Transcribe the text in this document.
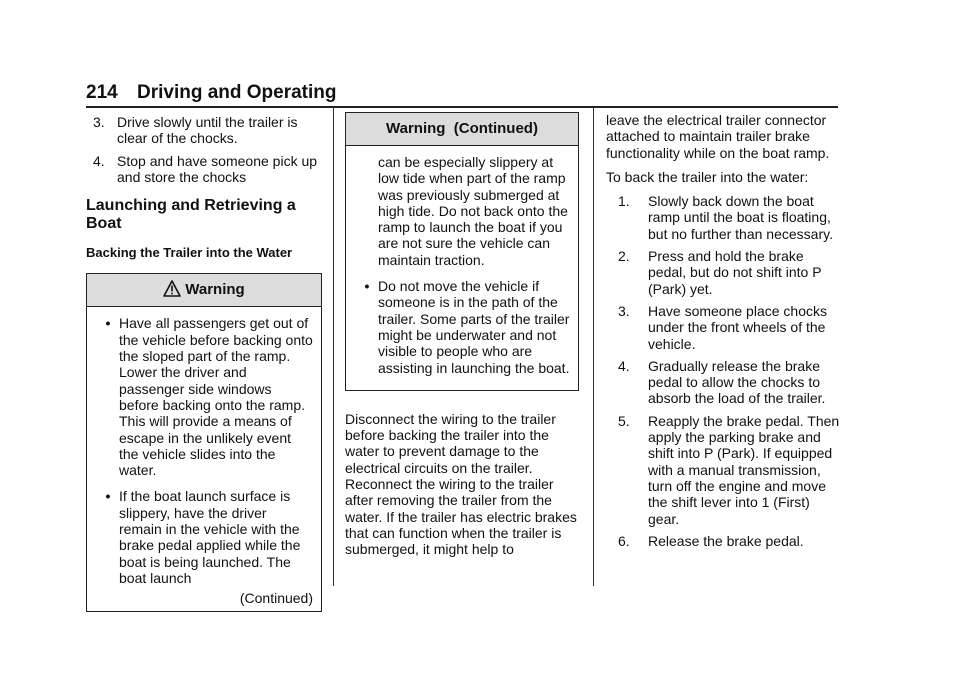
214 Driving and Operating
3. Drive slowly until the trailer is clear of the chocks.
4. Stop and have someone pick up and store the chocks
Launching and Retrieving a Boat
Backing the Trailer into the Water
Warning
• Have all passengers get out of the vehicle before backing onto the sloped part of the ramp. Lower the driver and passenger side windows before backing onto the ramp. This will provide a means of escape in the unlikely event the vehicle slides into the water.
• If the boat launch surface is slippery, have the driver remain in the vehicle with the brake pedal applied while the boat is being launched. The boat launch
(Continued)
Warning  (Continued)
can be especially slippery at low tide when part of the ramp was previously submerged at high tide. Do not back onto the ramp to launch the boat if you are not sure the vehicle can maintain traction.
• Do not move the vehicle if someone is in the path of the trailer. Some parts of the trailer might be underwater and not visible to people who are assisting in launching the boat.

Disconnect the wiring to the trailer before backing the trailer into the water to prevent damage to the electrical circuits on the trailer. Reconnect the wiring to the trailer after removing the trailer from the water. If the trailer has electric brakes that can function when the trailer is submerged, it might help to

leave the electrical trailer connector attached to maintain trailer brake functionality while on the boat ramp.

To back the trailer into the water:

1.	Slowly back down the boat ramp until the boat is floating, but no further than necessary.
2.	Press and hold the brake pedal, but do not shift into P (Park) yet.
3.	Have someone place chocks under the front wheels of the vehicle.
4.	Gradually release the brake pedal to allow the chocks to absorb the load of the trailer.
5.	Reapply the brake pedal. Then apply the parking brake and shift into P (Park). If equipped with a manual transmission, turn off the engine and move the shift lever into 1 (First) gear.
6.	Release the brake pedal.
